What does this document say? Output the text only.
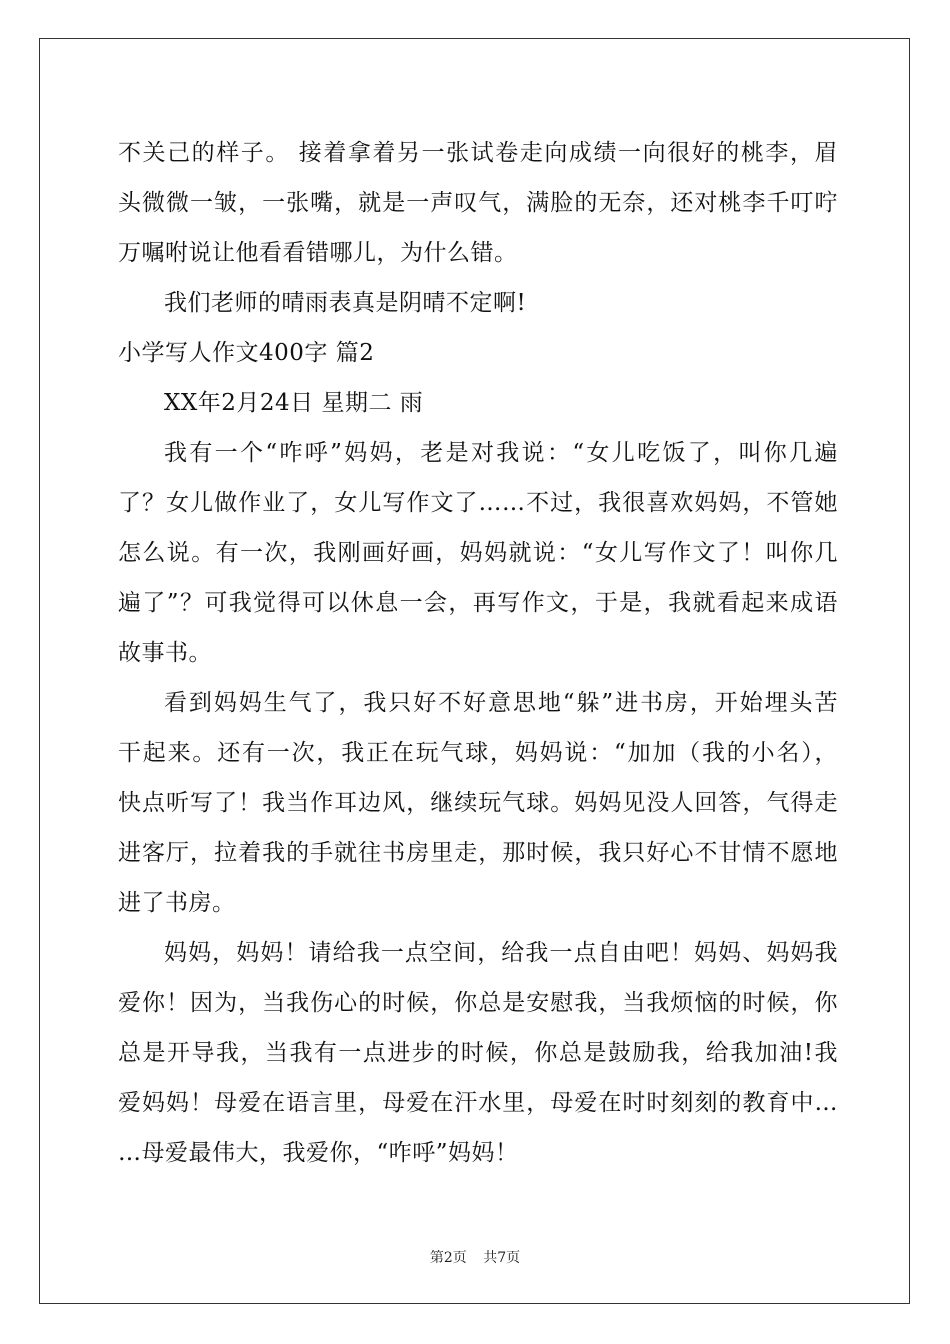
不关己的样子。 接着拿着另一张试卷走向成绩一向很好的桃李，眉
头微微一皱，一张嘴，就是一声叹气，满脸的无奈，还对桃李千叮咛
万嘱咐说让他看看错哪儿，为什么错。
我们老师的晴雨表真是阴晴不定啊!
小学写人作文400字 篇2
XX年2月24日 星期二 雨
我有一个“咋呼”妈妈，老是对我说：“女儿吃饭了，叫你几遍
了？女儿做作业了，女儿写作文了……不过，我很喜欢妈妈，不管她
怎么说。有一次，我刚画好画，妈妈就说：“女儿写作文了！叫你几
遍了”？可我觉得可以休息一会，再写作文，于是，我就看起来成语
故事书。
看到妈妈生气了，我只好不好意思地“躲”进书房，开始埋头苦
干起来。还有一次，我正在玩气球，妈妈说：“加加（我的小名），
快点听写了！我当作耳边风，继续玩气球。妈妈见没人回答，气得走
进客厅，拉着我的手就往书房里走，那时候，我只好心不甘情不愿地
进了书房。
妈妈，妈妈！请给我一点空间，给我一点自由吧！妈妈、妈妈我
爱你！因为，当我伤心的时候，你总是安慰我，当我烦恼的时候，你
总是开导我，当我有一点进步的时候，你总是鼓励我，给我加油!我
爱妈妈！母爱在语言里，母爱在汗水里，母爱在时时刻刻的教育中…
…母爱最伟大，我爱你，“咋呼”妈妈！
第2页 共7页
